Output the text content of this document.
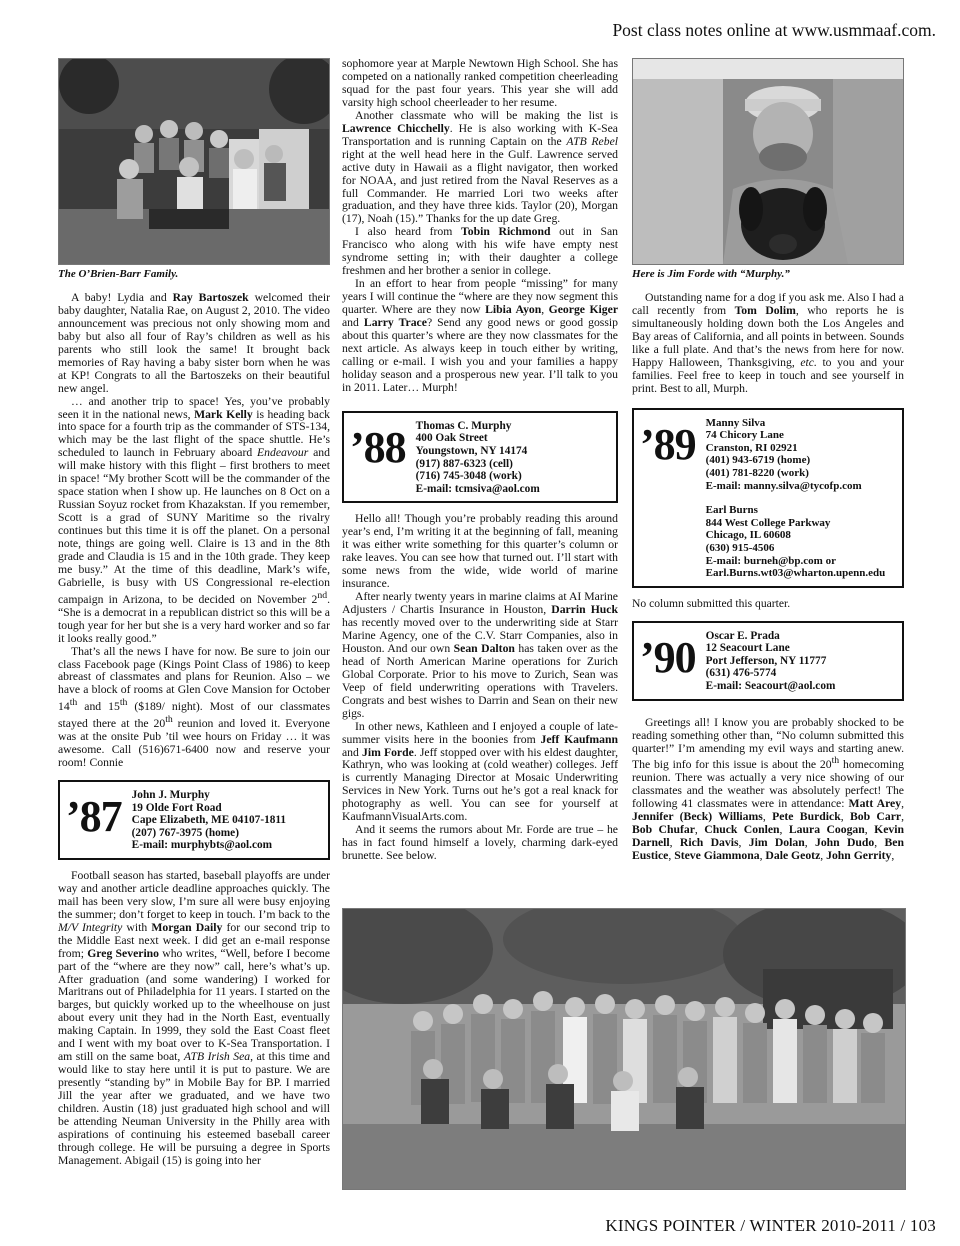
Post class notes online at www.usmmaaf.com.
The O’Brien-Barr Family.

A baby! Lydia and Ray Bartoszek welcomed their baby daughter, Natalia Rae, on August 2, 2010. The video announcement was precious not only showing mom and baby but also all four of Ray’s children as well as his parents who still look the same! It brought back memories of Ray having a baby sister born when he was at KP! Congrats to all the Bartoszeks on their beautiful new angel.

… and another trip to space! Yes, you’ve probably seen it in the national news, Mark Kelly is heading back into space for a fourth trip as the commander of STS-134, which may be the last flight of the space shuttle. He’s scheduled to launch in February aboard Endeavour and will make history with this flight – first brothers to meet in space! “My brother Scott will be the commander of the space station when I show up. He launches on 8 Oct on a Russian Soyuz rocket from Khazakstan. If you remember, Scott is a grad of SUNY Maritime so the rivalry continues but this time it is off the planet. On a personal note, things are going well. Claire is 13 and in the 8th grade and Claudia is 15 and in the 10th grade. They keep me busy.” At the time of this deadline, Mark’s wife, Gabrielle, is busy with US Congressional re-election campaign in Arizona, to be decided on November 2nd. “She is a democrat in a republican district so this will be a tough year for her but she is a very hard worker and so far it looks really good.”

That’s all the news I have for now. Be sure to join our class Facebook page (Kings Point Class of 1986) to keep abreast of classmates and plans for Reunion. Also – we have a block of rooms at Glen Cove Mansion for October 14th and 15th ($189/ night). Most of our classmates stayed there at the 20th reunion and loved it. Everyone was at the onsite Pub ’til wee hours on Friday … it was awesome. Call (516)671-6400 now and reserve your room! Connie

’87 John J. Murphy
19 Olde Fort Road
Cape Elizabeth, ME 04107-1811
(207) 767-3975 (home)
E-mail: murphybts@aol.com

Football season has started, baseball playoffs are under way and another article deadline approaches quickly. The mail has been very slow, I’m sure all were busy enjoying the summer; don’t forget to keep in touch. I’m back to the M/V Integrity with Morgan Daily for our second trip to the Middle East next week. I did get an e-mail response from; Greg Severino who writes, “Well, before I become part of the “where are they now” call, here’s what’s up. After graduation (and some wandering) I worked for Maritrans out of Philadelphia for 11 years. I started on the barges, but quickly worked up to the wheelhouse on just about every unit they had in the North East, eventually making Captain. In 1999, they sold the East Coast fleet and I went with my boat over to K-Sea Transportation. I am still on the same boat, ATB Irish Sea, at this time and would like to stay here until it is put to pasture. We are presently “standing by” in Mobile Bay for BP. I married Jill the year after we graduated, and we have two children. Austin (18) just graduated high school and will be attending Neuman University in the Philly area with aspirations of continuing his esteemed baseball career through college. He will be pursuing a degree in Sports Management. Abigail (15) is going into her

sophomore year at Marple Newtown High School. She has competed on a nationally ranked competition cheerleading squad for the past four years. This year she will add varsity high school cheerleader to her resume.

Another classmate who will be making the list is Lawrence Chicchelly. He is also working with K-Sea Transportation and is running Captain on the ATB Rebel right at the well head here in the Gulf. Lawrence served active duty in Hawaii as a flight navigator, then worked for NOAA, and just retired from the Naval Reserves as a full Commander. He married Lori two weeks after graduation, and they have three kids. Taylor (20), Morgan (17), Noah (15).” Thanks for the up date Greg.

I also heard from Tobin Richmond out in San Francisco who along with his wife have empty nest syndrome setting in; with their daughter a college freshmen and her brother a senior in college.

In an effort to hear from people “missing” for many years I will continue the “where are they now segment this quarter. Where are they now Libia Ayon, George Kiger and Larry Trace? Send any good news or good gossip about this quarter’s where are they now classmates for the next article. As always keep in touch either by writing, calling or e-mail. I wish you and your families a happy holiday season and a prosperous new year. I’ll talk to you in 2011. Later… Murph!

’88 Thomas C. Murphy
400 Oak Street
Youngstown, NY 14174
(917) 887-6323 (cell)
(716) 745-3048 (work)
E-mail: tcmsiva@aol.com

Hello all! Though you’re probably reading this around year’s end, I’m writing it at the beginning of fall, meaning it was either write something for this quarter’s column or rake leaves. You can see how that turned out. I’ll start with some news from the wide, wide world of marine insurance.

After nearly twenty years in marine claims at AI Marine Adjusters / Chartis Insurance in Houston, Darrin Huck has recently moved over to the underwriting side at Starr Marine Agency, one of the C.V. Starr Companies, also in Houston. And our own Sean Dalton has taken over as the head of North American Marine operations for Zurich Global Corporate. Prior to his move to Zurich, Sean was Veep of field underwriting operations with Travelers. Congrats and best wishes to Darrin and Sean on their new gigs.

In other news, Kathleen and I enjoyed a couple of late-summer visits here in the boonies from Jeff Kaufmann and Jim Forde. Jeff stopped over with his eldest daughter, Kathryn, who was looking at (cold weather) colleges. Jeff is currently Managing Director at Mosaic Underwriting Services in New York. Turns out he’s got a real knack for photography as well. You can see for yourself at KaufmannVisualArts.com.

And it seems the rumors about Mr. Forde are true – he has in fact found himself a lovely, charming dark-eyed brunette. See below.

Here is Jim Forde with “Murphy.”

Outstanding name for a dog if you ask me. Also I had a call recently from Tom Dolim, who reports he is simultaneously holding down both the Los Angeles and Bay areas of California, and all points in between. Sounds like a full plate. And that’s the news from here for now. Happy Halloween, Thanksgiving, etc. to you and your families. Feel free to keep in touch and see yourself in print. Best to all, Murph.

’89 Manny Silva
74 Chicory Lane
Cranston, RI 02921
(401) 943-6719 (home)
(401) 781-8220 (work)
E-mail: manny.silva@tycofp.com
Earl Burns
844 West College Parkway
Chicago, IL 60608
(630) 915-4506
E-mail: burneh@bp.com or
Earl.Burns.wt03@wharton.upenn.edu

No column submitted this quarter.

’90 Oscar E. Prada
12 Seacourt Lane
Port Jefferson, NY 11777
(631) 476-5774
E-mail: Seacourt@aol.com

Greetings all! I know you are probably shocked to be reading something other than, “No column submitted this quarter!” I’m amending my evil ways and starting anew. The big info for this issue is about the 20th homecoming reunion. There was actually a very nice showing of our classmates and the weather was absolutely perfect! The following 41 classmates were in attendance: Matt Arey, Jennifer (Beck) Williams, Pete Burdick, Bob Carr, Bob Chufar, Chuck Conlen, Laura Coogan, Kevin Darnell, Rich Davis, Jim Dolan, John Dudo, Ben Eustice, Steve Giammona, Dale Geotz, John Gerrity,

KINGS POINTER / WINTER 2010-2011 / 103
